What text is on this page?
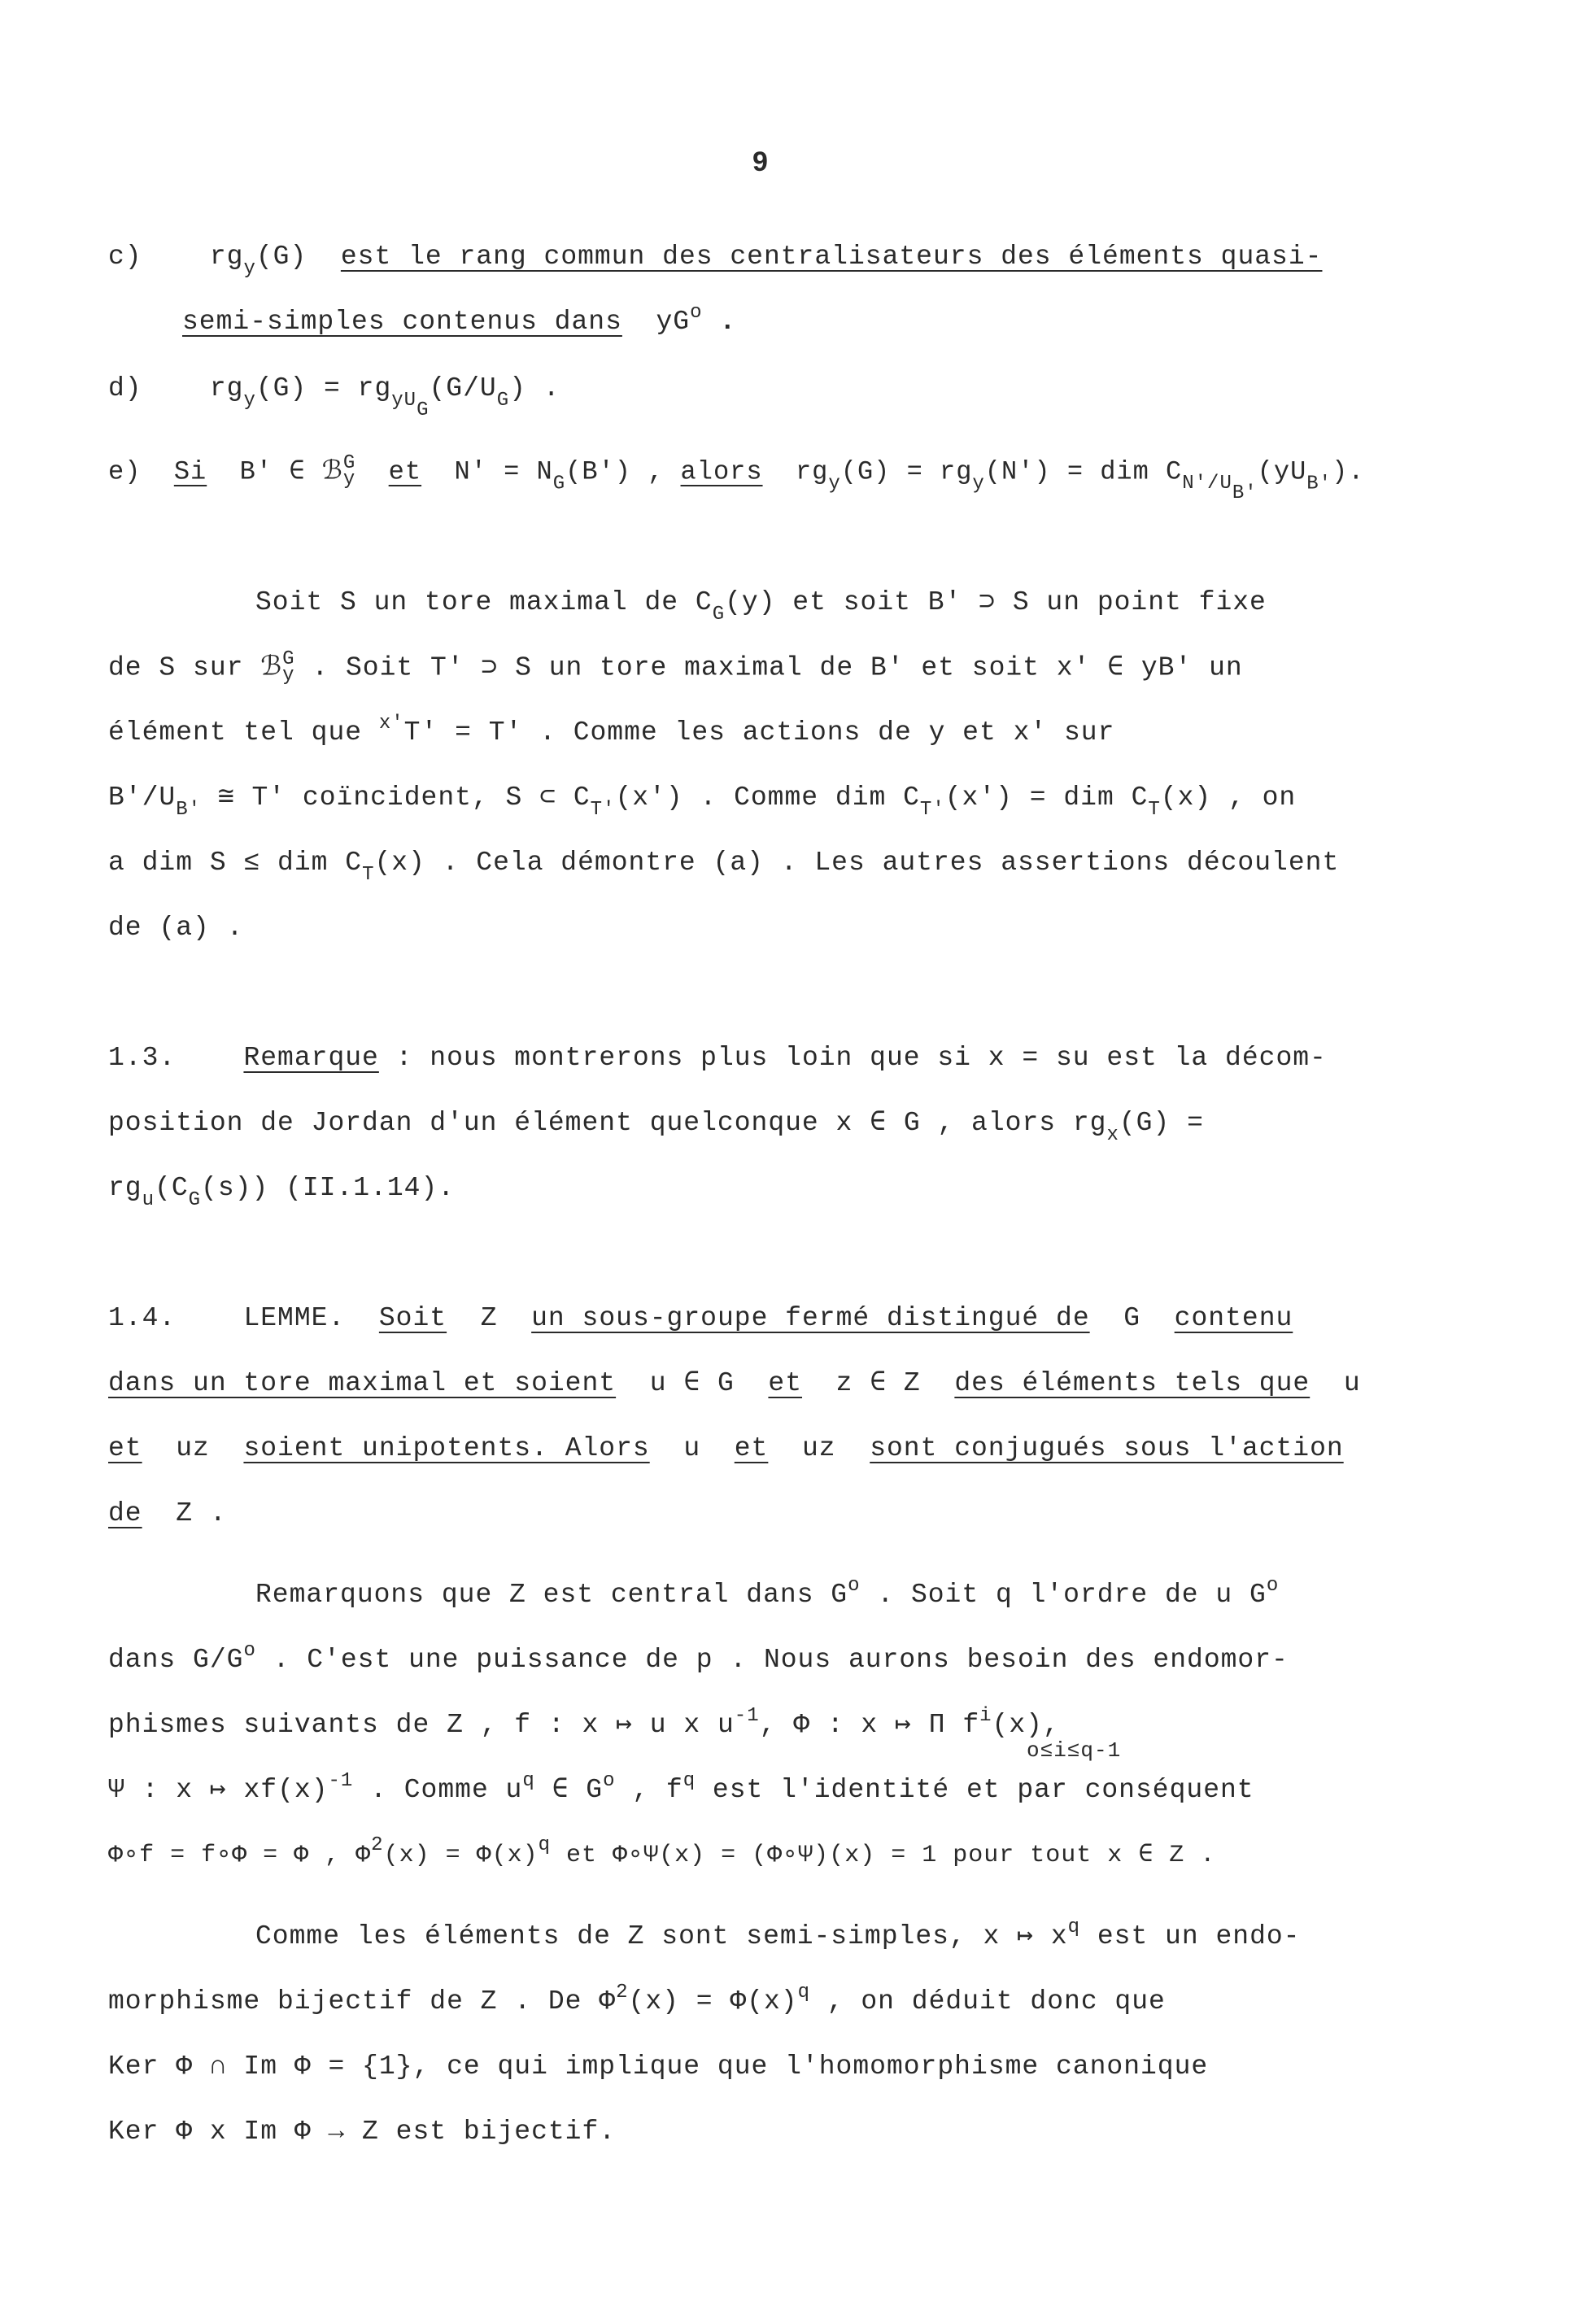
9
c)	$rg_y(G)$ est le rang commun des centralisateurs des éléments quasi-
semi-simples contenus dans $yG^o$ .
d)	$rg_y(G) = rg_{yU_G}(G/U_G)$ .
e) Si B' ∈ ℬ G
y et $N' = N_G(B')$ , alors $rg_y(G) = rg_y(N')$ = dim $C_{N'/U_{B'}}(yU_{B'})$.
Soit S un tore maximal de $C_G(y)$ et soit B' ⊃ S un point fixe
de S sur ℬ G
y . Soit T' ⊃ S un tore maximal de B' et soit x' ∈ yB' un
élément tel que $^{x'}$T' = T' . Comme les actions de y et x' sur
$B'/U_{B'}$ ≅ T' coïncident, S ⊂ $C_{T'}(x')$ . Comme dim $C_{T'}(x')$ = dim $C_T(x)$ , on
a dim S ≤ dim $C_T(x)$ . Cela démontre (a) . Les autres assertions découlent
de (a) .
1.3.	Remarque : nous montrerons plus loin que si x = su est la décom-
position de Jordan d'un élément quelconque x ∈ G , alors $rg_x(G)$ =
$rg_u(C_G(s))$ (II.1.14).
1.4.	LEMME. Soit Z un sous-groupe fermé distingué de G contenu
dans un tore maximal et soient u ∈ G et z ∈ Z des éléments tels que u
et uz soient unipotents. Alors u et uz sont conjugués sous l'action
de Z .
Remarquons que Z est central dans $G^o$ . Soit q l'ordre de u $G^o$
dans $G/G^o$ . C'est une puissance de p . Nous aurons besoin des endomor-
phismes suivants de Z , f : x ↦ u x $u^{-1}$, Φ : x ↦ Π $f^i(x)$,
o≤i≤q-1
Ψ : x ↦ $xf(x)^{-1}$ . Comme $u^q$ ∈ $G^o$ , $f^q$ est l'identité et par conséquent
Φ∘f = f∘Φ = Φ , $\Phi^2(x) = \Phi(x)^q$ et Φ∘Ψ(x) = (Φ∘Ψ)(x) = 1 pour tout x ∈ Z .
Comme les éléments de Z sont semi-simples, x ↦ $x^q$ est un endo-
morphisme bijectif de Z . De $\Phi^2(x) = \Phi(x)^q$ , on déduit donc que
Ker Φ ∩ Im Φ = {1}, ce qui implique que l'homomorphisme canonique
Ker Φ x Im Φ → Z est bijectif.
